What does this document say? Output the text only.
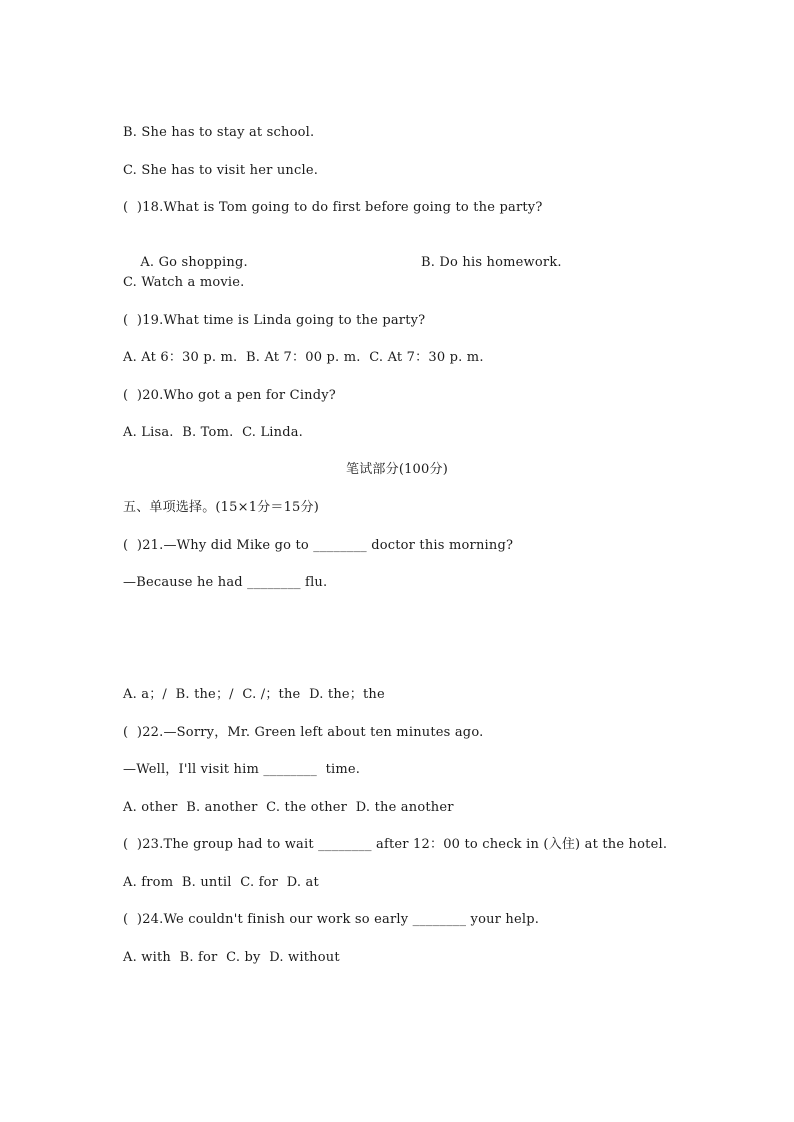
B. She has to stay at school.
C. She has to visit her uncle.
(  )18.What is Tom going to do first before going to the party?

A. Go shopping.	B. Do his homework.

C. Watch a movie.
(  )19.What time is Linda going to the party?
A. At 6：30 p. m.  B. At 7：00 p. m.  C. At 7：30 p. m.
(  )20.Who got a pen for Cindy?
A. Lisa.  B. Tom.  C. Linda.
笔试部分(100分)
五、单项选择。(15×1分＝15分)
(  )21.—Why did Mike go to ________ doctor this morning?
—Because he had ________ flu.
A. a；/  B. the；/  C. /；the  D. the；the
(  )22.—Sorry，Mr. Green left about ten minutes ago.
—Well，I'll visit him ________  time.
A. other  B. another  C. the other  D. the another
(  )23.The group had to wait ________ after 12：00 to check in (入住) at the hotel.
A. from  B. until  C. for  D. at
(  )24.We couldn't finish our work so early ________ your help.
A. with  B. for  C. by  D. without
